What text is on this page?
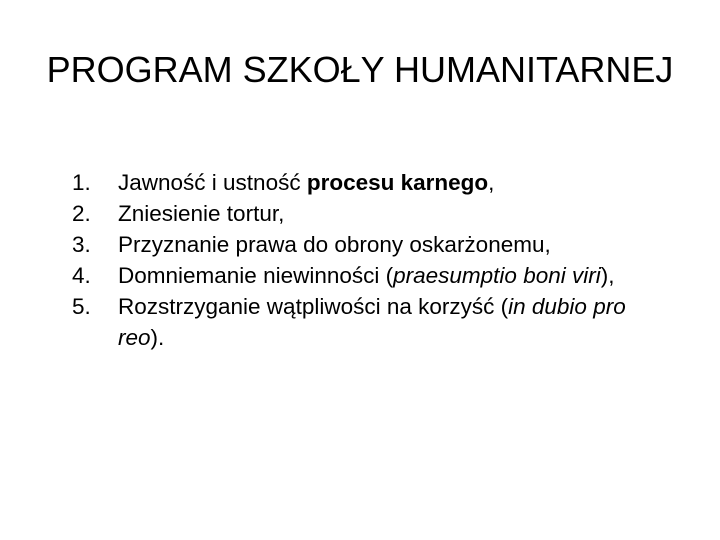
PROGRAM SZKOŁY HUMANITARNEJ
1. Jawność i ustność procesu karnego,
2. Zniesienie tortur,
3. Przyznanie prawa do obrony oskarżonemu,
4. Domniemanie niewinności (praesumptio boni viri),
5. Rozstrzyganie wątpliwości na korzyść (in dubio pro reo).
